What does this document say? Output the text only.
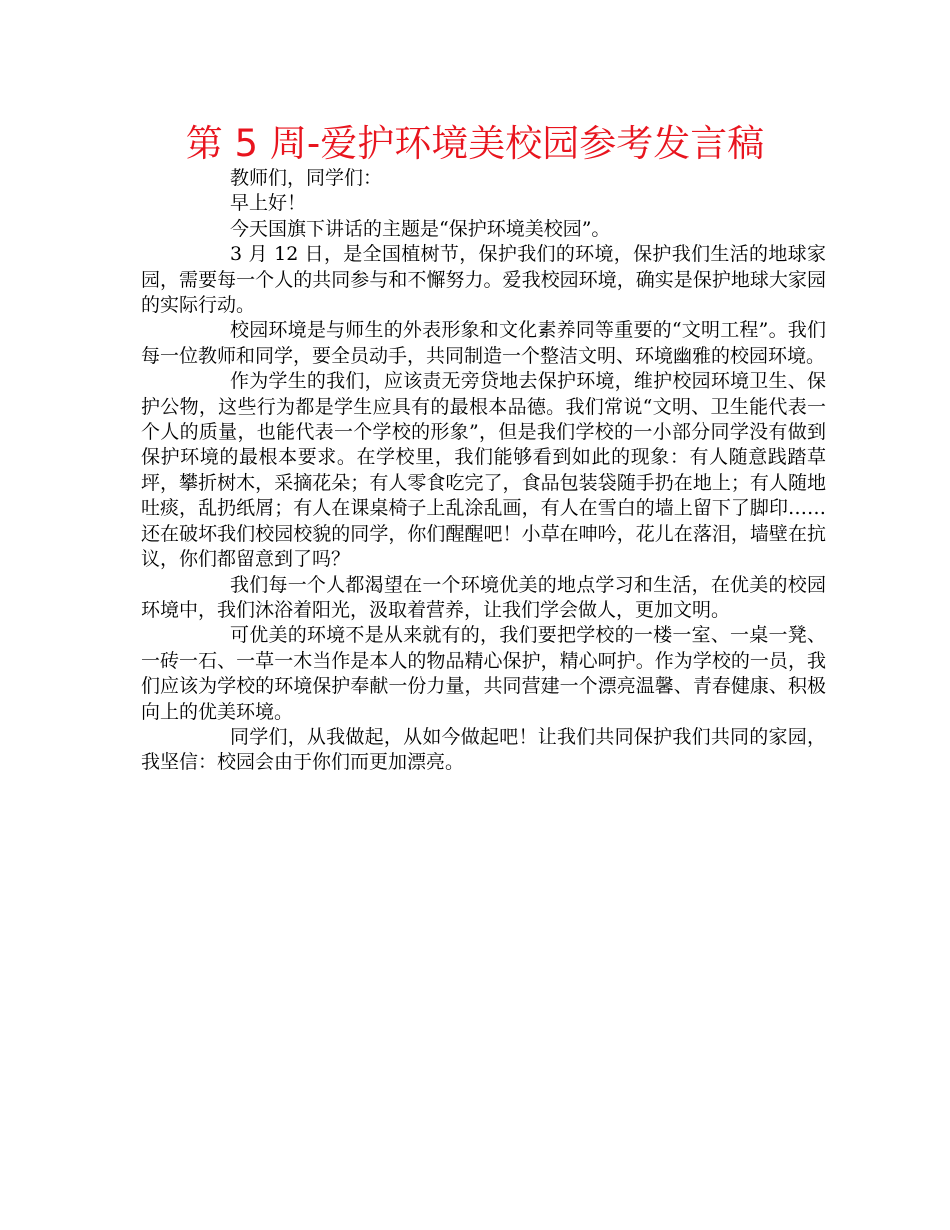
第 5 周-爱护环境美校园参考发言稿

教师们，同学们：

早上好！

今天国旗下讲话的主题是“保护环境美校园”。

3 月 12 日，是全国植树节，保护我们的环境，保护我们生活的地球家园，需要每一个人的共同参与和不懈努力。爱我校园环境，确实是保护地球大家园的实际行动。

校园环境是与师生的外表形象和文化素养同等重要的“文明工程”。我们每一位教师和同学，要全员动手，共同制造一个整洁文明、环境幽雅的校园环境。

作为学生的我们，应该责无旁贷地去保护环境，维护校园环境卫生、保护公物，这些行为都是学生应具有的最根本品德。我们常说“文明、卫生能代表一个人的质量，也能代表一个学校的形象”，但是我们学校的一小部分同学没有做到保护环境的最根本要求。在学校里，我们能够看到如此的现象：有人随意践踏草坪，攀折树木，采摘花朵；有人零食吃完了，食品包装袋随手扔在地上；有人随地吐痰，乱扔纸屑；有人在课桌椅子上乱涂乱画，有人在雪白的墙上留下了脚印……还在破坏我们校园校貌的同学，你们醒醒吧！小草在呻吟，花儿在落泪，墙壁在抗议，你们都留意到了吗？

我们每一个人都渴望在一个环境优美的地点学习和生活，在优美的校园环境中，我们沐浴着阳光，汲取着营养，让我们学会做人，更加文明。

可优美的环境不是从来就有的，我们要把学校的一楼一室、一桌一凳、一砖一石、一草一木当作是本人的物品精心保护，精心呵护。作为学校的一员，我们应该为学校的环境保护奉献一份力量，共同营建一个漂亮温馨、青春健康、积极向上的优美环境。

同学们，从我做起，从如今做起吧！让我们共同保护我们共同的家园，我坚信：校园会由于你们而更加漂亮。
